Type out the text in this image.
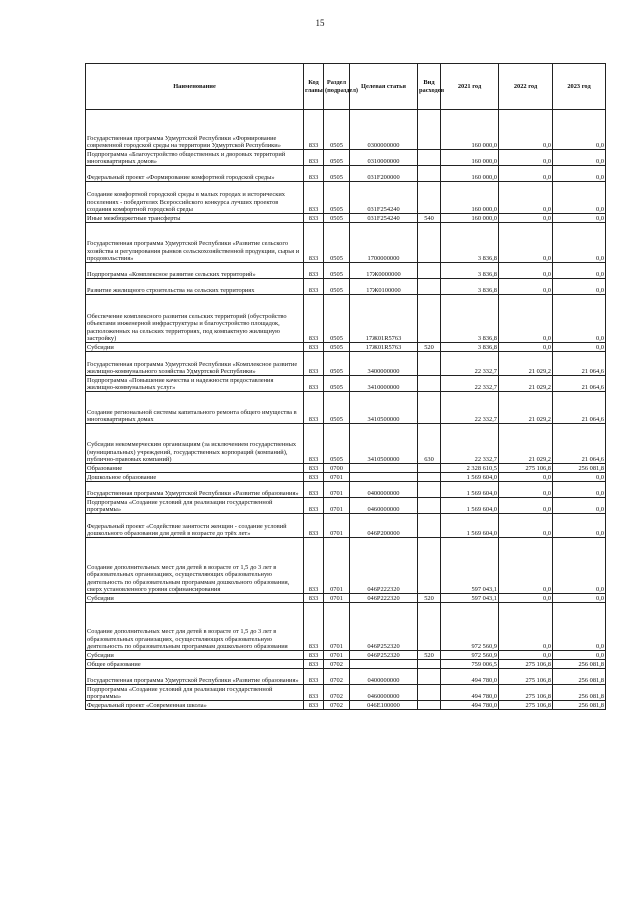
15
Наименование	Код главы	Раздел (подраздел)	Целевая статья	Вид расходов	2021 год	2022 год	2023 год
Государственная программа Удмуртской Республики «Формирование современной городской среды на территории Удмуртской Республики»	833	0505	0300000000		160 000,0	0,0	0,0
Подпрограмма «Благоустройство общественных и дворовых территорий многоквартирных домов»	833	0505	0310000000		160 000,0	0,0	0,0
Федеральный проект «Формирование комфортной городской среды»	833	0505	031F200000		160 000,0	0,0	0,0
Создание комфортной городской среды в малых городах и исторических поселениях - победителях Всероссийского конкурса лучших проектов создания комфортной городской среды	833	0505	031F254240		160 000,0	0,0	0,0
Иные межбюджетные трансферты	833	0505	031F254240	540	160 000,0	0,0	0,0
Государственная программа Удмуртской Республики «Развитие сельского хозяйства и регулирования рынков сельскохозяйственной продукции, сырья и продовольствия»	833	0505	1700000000		3 836,8	0,0	0,0
Подпрограмма «Комплексное развитие сельских территорий»	833	0505	17Ж0000000		3 836,8	0,0	0,0
Развитие жилищного строительства на сельских территориях	833	0505	17Ж0100000		3 836,8	0,0	0,0
Обеспечение комплексного развития сельских территорий (обустройство объектами инженерной инфраструктуры и благоустройство площадок, расположенных на сельских территориях, под компактную жилищную застройку)	833	0505	17Ж01R5763		3 836,8	0,0	0,0
Субсидии	833	0505	17Ж01R5763	520	3 836,8	0,0	0,0
Государственная программа Удмуртской Республики «Комплексное развитие жилищно-коммунального хозяйства Удмуртской Республики»	833	0505	3400000000		22 332,7	21 029,2	21 064,6
Подпрограмма «Повышение качества и надежности предоставления жилищно-коммунальных услуг»	833	0505	3410000000		22 332,7	21 029,2	21 064,6
Создание региональной системы капитального ремонта общего имущества в многоквартирных домах	833	0505	3410500000		22 332,7	21 029,2	21 064,6
Субсидии некоммерческим организациям (за исключением государственных (муниципальных) учреждений, государственных корпораций (компаний), публично-правовых компаний)	833	0505	3410500000	630	22 332,7	21 029,2	21 064,6
Образование	833	0700			2 328 610,5	275 106,8	256 081,8
Дошкольное образование	833	0701			1 569 604,0	0,0	0,0
Государственная программа Удмуртской Республики «Развитие образования»	833	0701	0400000000		1 569 604,0	0,0	0,0
Подпрограмма «Создание условий для реализации государственной программы»	833	0701	0460000000		1 569 604,0	0,0	0,0
Федеральный проект «Содействие занятости женщин - создание условий дошкольного образования для детей в возрасте до трёх лет»	833	0701	046P200000		1 569 604,0	0,0	0,0
Создание дополнительных мест для детей в возрасте от 1,5 до 3 лет в образовательных организациях, осуществляющих образовательную деятельность по образовательным программам дошкольного образования, сверх установленного уровня софинансирования	833	0701	046P222320		597 043,1	0,0	0,0
Субсидии	833	0701	046P222320	520	597 043,1	0,0	0,0
Создание дополнительных мест для детей в возрасте от 1,5 до 3 лет в образовательных организациях, осуществляющих образовательную деятельность по образовательным программам дошкольного образования	833	0701	046P252320		972 560,9	0,0	0,0
Субсидии	833	0701	046P252320	520	972 560,9	0,0	0,0
Общее образование	833	0702			759 006,5	275 106,8	256 081,8
Государственная программа Удмуртской Республики «Развитие образования»	833	0702	0400000000		494 780,0	275 106,8	256 081,8
Подпрограмма «Создание условий для реализации государственной программы»	833	0702	0460000000		494 780,0	275 106,8	256 081,8
Федеральный проект «Современная школа»	833	0702	046E100000		494 780,0	275 106,8	256 081,8
